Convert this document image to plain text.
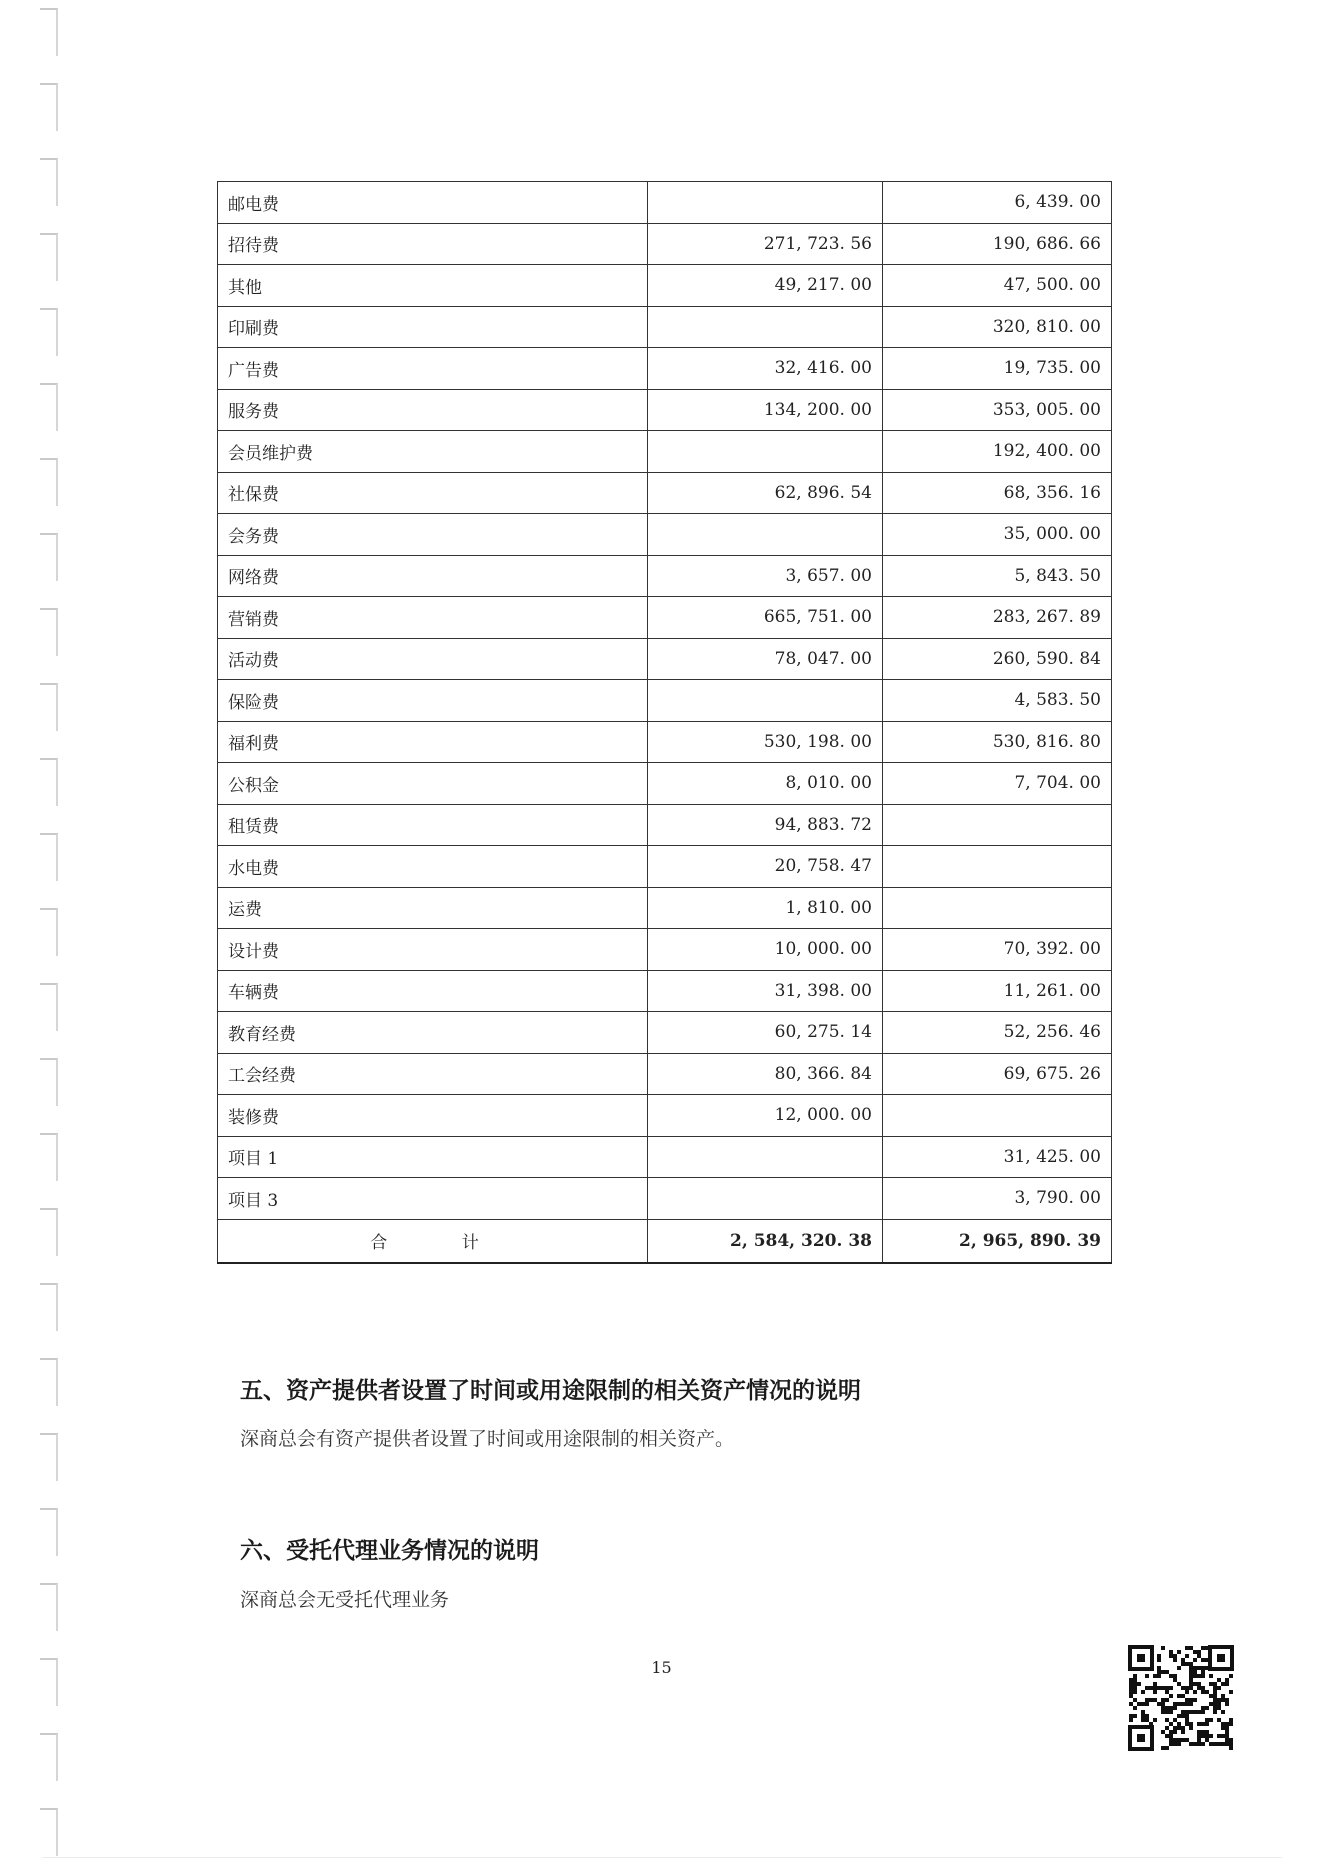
邮电费		6, 439. 00
招待费	271, 723. 56	190, 686. 66
其他	49, 217. 00	47, 500. 00
印刷费		320, 810. 00
广告费	32, 416. 00	19, 735. 00
服务费	134, 200. 00	353, 005. 00
会员维护费		192, 400. 00
社保费	62, 896. 54	68, 356. 16
会务费		35, 000. 00
网络费	3, 657. 00	5, 843. 50
营销费	665, 751. 00	283, 267. 89
活动费	78, 047. 00	260, 590. 84
保险费		4, 583. 50
福利费	530, 198. 00	530, 816. 80
公积金	8, 010. 00	7, 704. 00
租赁费	94, 883. 72	
水电费	20, 758. 47	
运费	1, 810. 00	
设计费	10, 000. 00	70, 392. 00
车辆费	31, 398. 00	11, 261. 00
教育经费	60, 275. 14	52, 256. 46
工会经费	80, 366. 84	69, 675. 26
装修费	12, 000. 00	
项目 1		31, 425. 00
项目 3		3, 790. 00
合 计	2, 584, 320. 38	2, 965, 890. 39
五、资产提供者设置了时间或用途限制的相关资产情况的说明
深商总会有资产提供者设置了时间或用途限制的相关资产。
六、受托代理业务情况的说明
深商总会无受托代理业务
15
